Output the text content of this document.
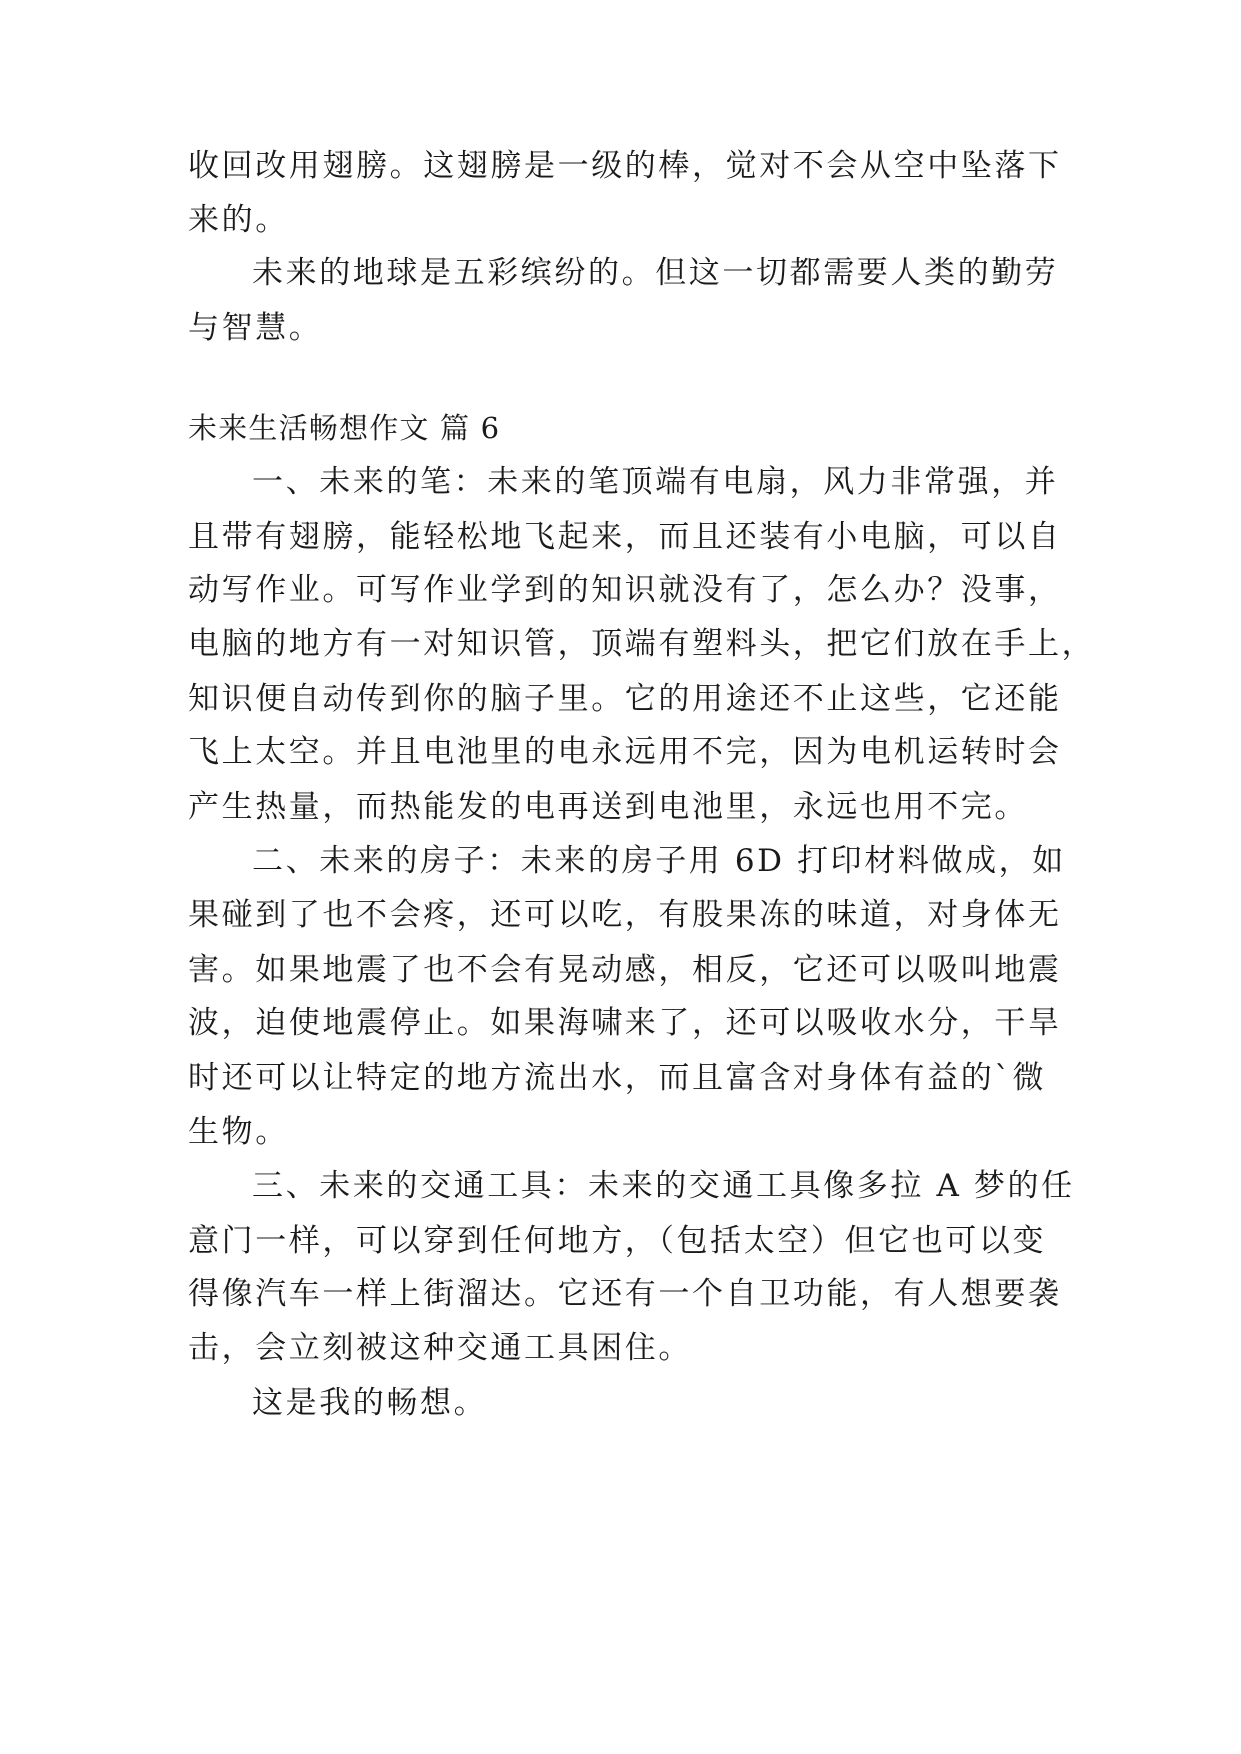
收回改用翅膀。这翅膀是一级的棒，觉对不会从空中坠落下
来的。
未来的地球是五彩缤纷的。但这一切都需要人类的勤劳
与智慧。
未来生活畅想作文 篇 6
一、未来的笔：未来的笔顶端有电扇，风力非常强，并
且带有翅膀，能轻松地飞起来，而且还装有小电脑，可以自
动写作业。可写作业学到的知识就没有了，怎么办？没事，
电脑的地方有一对知识管，顶端有塑料头，把它们放在手上，
知识便自动传到你的脑子里。它的用途还不止这些，它还能
飞上太空。并且电池里的电永远用不完，因为电机运转时会
产生热量，而热能发的电再送到电池里，永远也用不完。
二、未来的房子：未来的房子用 6D 打印材料做成，如
果碰到了也不会疼，还可以吃，有股果冻的味道，对身体无
害。如果地震了也不会有晃动感，相反，它还可以吸叫地震
波，迫使地震停止。如果海啸来了，还可以吸收水分，干旱
时还可以让特定的地方流出水，而且富含对身体有益的`微
生物。
三、未来的交通工具：未来的交通工具像多拉 A 梦的任
意门一样，可以穿到任何地方，（包括太空）但它也可以变
得像汽车一样上街溜达。它还有一个自卫功能，有人想要袭
击，会立刻被这种交通工具困住。
这是我的畅想。
